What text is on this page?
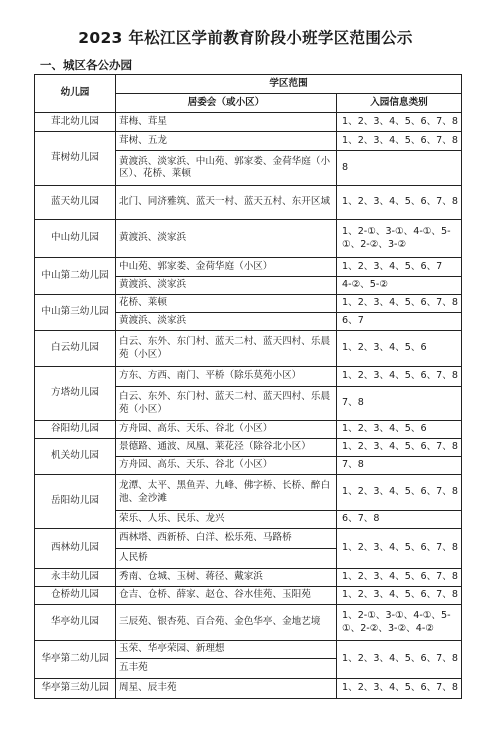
2023 年松江区学前教育阶段小班学区范围公示
一、城区各公办园
幼儿园	学区范围	
	居委会（或小区）	入园信息类别
茸北幼儿园	茸梅、茸星	1、2、3、4、5、6、7、8
茸树幼儿园	茸树、五龙	1、2、3、4、5、6、7、8
	黄渡浜、淡家浜、中山苑、郭家娄、金荷华庭（小区）、花桥、莱顿	8
蓝天幼儿园	北门、同济雅筑、蓝天一村、蓝天五村、东开区域	1、2、3、4、5、6、7、8
中山幼儿园	黄渡浜、淡家浜	1、2-①、3-①、4-①、5-①、2-②、3-②
中山第二幼儿园	中山苑、郭家娄、金荷华庭（小区）	1、2、3、4、5、6、7
	黄渡浜、淡家浜	4-②、5-②
中山第三幼儿园	花桥、莱顿	1、2、3、4、5、6、7、8
	黄渡浜、淡家浜	6、7
白云幼儿园	白云、东外、东门村、蓝天二村、蓝天四村、乐晨苑（小区）	1、2、3、4、5、6
方塔幼儿园	方东、方西、南门、平桥（除乐莫苑小区）	1、2、3、4、5、6、7、8
	白云、东外、东门村、蓝天二村、蓝天四村、乐晨苑（小区）	7、8
谷阳幼儿园	方舟园、高乐、天乐、谷北（小区）	1、2、3、4、5、6
机关幼儿园	景德路、通波、凤凰、莱花泾（除谷北小区）	1、2、3、4、5、6、7、8
	方舟园、高乐、天乐、谷北（小区）	7、8
岳阳幼儿园	龙潭、太平、黑鱼弄、九峰、佛字桥、长桥、醉白池、金沙滩	1、2、3、4、5、6、7、8
	荣乐、人乐、民乐、龙兴	6、7、8
西林幼儿园	西林塔、西新桥、白洋、松乐苑、马路桥	1、2、3、4、5、6、7、8
	人民桥	
永丰幼儿园	秀南、仓城、玉树、蒋径、戴家浜	1、2、3、4、5、6、7、8
仓桥幼儿园	仓吉、仓桥、薛家、赵仓、谷水佳苑、玉阳苑	1、2、3、4、5、6、7、8
华亭幼儿园	三辰苑、银杏苑、百合苑、金色华亭、金地艺境	1、2-①、3-①、4-①、5-①、2-②、3-②、4-②
华亭第二幼儿园	玉荣、华亭荣园、新理想	1、2、3、4、5、6、7、8
	五丰苑	
华亭第三幼儿园	周星、辰丰苑	1、2、3、4、5、6、7、8
